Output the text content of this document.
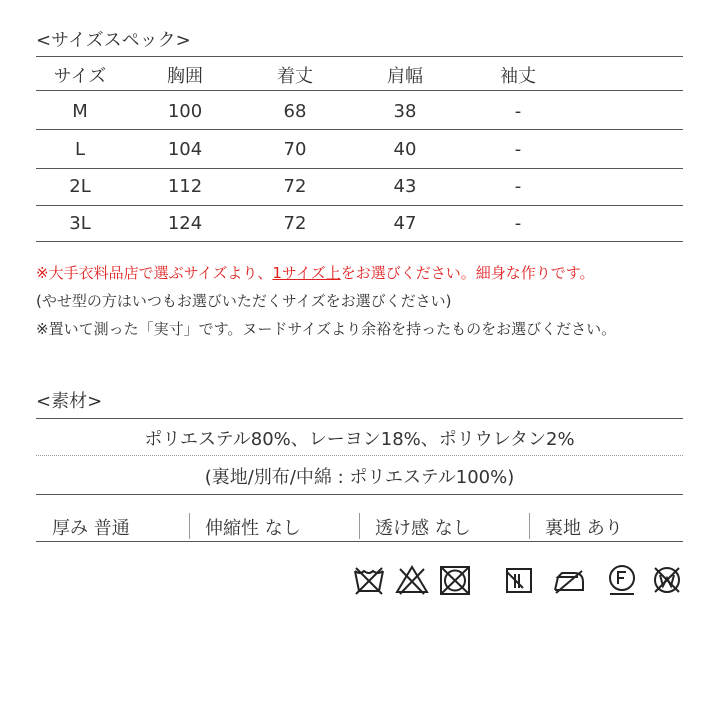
<サイズスペック>
サイズ	胸囲	着丈	肩幅	袖丈
M	100	68	38	-
L	104	70	40	-
2L	112	72	43	-
3L	124	72	47	-
※大手衣料品店で選ぶサイズより、1サイズ上をお選びください。細身な作りです。
(やせ型の方はいつもお選びいただくサイズをお選びください)
※置いて測った「実寸」です。ヌードサイズより余裕を持ったものをお選びください。
<素材>
ポリエステル80%、レーヨン18%、ポリウレタン2%
(裏地/別布/中綿 : ポリエステル100%)
厚み 普通	伸縮性 なし	透け感 なし	裏地 あり
